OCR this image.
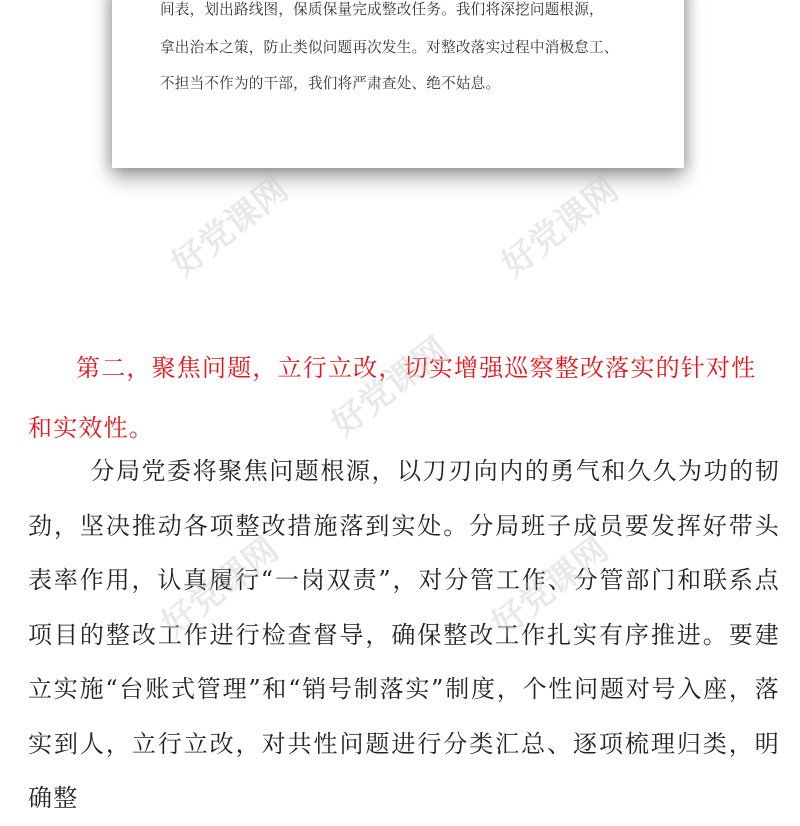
间表，划出路线图，保质保量完成整改任务。我们将深挖问题根源，

拿出治本之策，防止类似问题再次发生。对整改落实过程中消极怠工、

不担当不作为的干部，我们将严肃查处、绝不姑息。

第二，聚焦问题，立行立改，切实增强巡察整改落实的针对性和实效性。

分局党委将聚焦问题根源，以刀刃向内的勇气和久久为功的韧劲，坚决推动各项整改措施落到实处。分局班子成员要发挥好带头表率作用，认真履行“一岗双责”，对分管工作、分管部门和联系点项目的整改工作进行检查督导，确保整改工作扎实有序推进。要建立实施“台账式管理”和“销号制落实”制度，个性问题对号入座，落实到人，立行立改，对共性问题进行分类汇总、逐项梳理归类，明确整

好党课网	好党课网
好党课网
好党课网	好党课网
